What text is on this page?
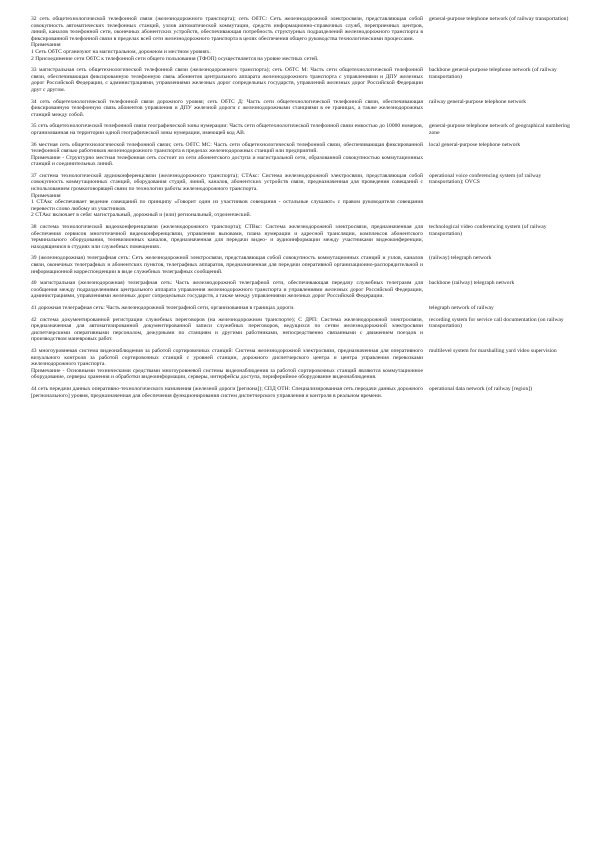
32 сеть общетехнологической телефонной связи (железнодорожного транспорта); сеть ОбТС: Сеть железнодорожной электросвязи, представляющая собой совокупность автоматических телефонных станций, узлов автоматической коммутации, средств информационно-справочных служб, переприемных центров, линий, каналов телефонной сети, оконечных абонентских устройств, обеспечивающая потребность структурных подразделений железнодорожного транспорта в фиксированной телефонной связи в пределах всей сети железнодорожного транспорта в целях обеспечения общего руководства технологическими процессами.

Примечания

1 Сеть ОбТС организуют на магистральном, дорожном и местном уровнях.

2 Присоединение сети ОбТС к телефонной сети общего пользования (ТФОП) осуществляется на уровне местных сетей.

general-purpose telephone network (of railway transportation)

33 магистральная сеть общетехнологической телефонной связи (железнодорожного транспорта); сеть ОбТС М: Часть сети общетехнологической телефонной связи, обеспечивающая фиксированную телефонную связь абонентов центрального аппарата железнодорожного транспорта с управлениями и ДПУ железных дорог Российской Федерации, с администрациями, управлениями железных дорог сопредельных государств, управлений железных дорог Российской Федерации друг с другом.

backbone general-purpose telephone network (of railway transportation)

34 сеть общетехнологической телефонной связи дорожного уровня; сеть ОбТС Д: Часть сети общетехнологической телефонной связи, обеспечивающая фиксированную телефонную связь абонентов управления и ДПУ железной дороги с железнодорожными станциями в ее границах, а также железнодорожных станций между собой.

railway general-purpose telephone network

35 сеть общетехнологической телефонной связи географической зоны нумерации: Часть сети общетехнологической телефонной связи емкостью до 10000 номеров, организованная на территории одной географической зоны нумерации, имеющей код АВ.

general-purpose telephone network of geographical numbering zone

36 местная сеть общетехнологической телефонной связи; сеть ОбТС МС: Часть сети общетехнологической телефонной связи, обеспечивающая фиксированной телефонной связью работников железнодорожного транспорта в пределах железнодорожных станций или предприятий.

Примечание - Структурно местная телефонная сеть состоит из сети абонентского доступа и магистральной сети, образованной совокупностью коммутационных станций и соединительных линий.

local general-purpose telephone network

37 система технологической аудиоконференцсвязи (железнодорожного транспорта); СТАкс: Система железнодорожной электросвязи, представляющая собой совокупность коммутационных станций, оборудования студий, линий, каналов, абонентских устройств связи, предназначенная для проведения совещаний с использованием громкоговорящей связи по технологии работы железнодорожного транспорта.

Примечания

1 СТАкс обеспечивает ведение совещаний по принципу «Говорит один из участников совещания - остальные слушают» с правом руководителя совещания перевести слово любому из участников.

2 СТАкс включает в себя: магистральный, дорожный и (или) региональный, отделенческий.

operational voice conferencing system (of railway transportation); OVCS

38 система технологической видеоконференцсвязи (железнодорожного транспорта); СТВкс: Система железнодорожной электросвязи, предназначенная для обеспечения сервисов многоточечной видеоконференцсвязи, управления вызовами, плана нумерации и адресной трансляции, комплексов абонентского терминального оборудования, телевизионных каналов, предназначенная для передачи видео- и аудиоинформации между участниками видеоконференции, находящимися в студиях или служебных помещениях.

technological video conferencing system (of railway transportation)

39 (железнодорожная) телеграфная сеть: Сеть железнодорожной электросвязи, представляющая собой совокупность коммутационных станций и узлов, каналов связи, оконечных телеграфных и абонентских пунктов, телеграфных аппаратов, предназначенная для передачи оперативной организационно-распорядительной и информационной корреспонденции в виде служебных телеграфных сообщений.

(railway) telegraph network

40 магистральная (железнодорожная) телеграфная сеть: Часть железнодорожной телеграфной сети, обеспечивающая передачу служебных телеграмм для сообщения между подразделениями центрального аппарата управления железнодорожного транспорта и управлениями железных дорог Российской Федерации, администрациями, управлениями железных дорог сопредельных государств, а также между управлениями железных дорог Российской Федерации.

backbone (railway) telegraph network

41 дорожная телеграфная сеть: Часть железнодорожной телеграфной сети, организованная в границах дороги.	telegraph network of railway

42 система документированной регистрации служебных переговоров (на железнодорожном транспорте); С ДРП: Система железнодорожной электросвязи, предназначенная для автоматизированной документированной записи служебных переговоров, ведущихся по сетям железнодорожной электросвязи диспетчерскими оперативными персоналом, дежурными по станциям и другими работниками, непосредственно связанными с движением поездов и производством маневровых работ.

recording system for service call documentation (on railway transportation)

43 многоуровневая система видеонаблюдения за работой сортировочных станций: Система железнодорожной электросвязи, предназначенная для оперативного визуального контроля за работой сортировочных станций с уровней станции, дорожного диспетчерского центра и центра управления перевозками железнодорожного транспорта.

Примечание - Основными техническими средствами многоуровневой системы видеонаблюдения за работой сортировочных станций являются коммутационное оборудование, серверы хранения и обработки видеоинформации, серверы, интерфейсы доступа, периферийное оборудование видеонаблюдения.

multilevel system for marshalling yard video supervision

44 сеть передачи данных оперативно-технологического назначения (железной дороги [региона]); СПД ОТН: Специализированная сеть передачи данных дорожного [регионального] уровня, предназначенная для обеспечения функционирования систем диспетчерского управления и контроля в реальном времени.

operational data network (of railway [region])
